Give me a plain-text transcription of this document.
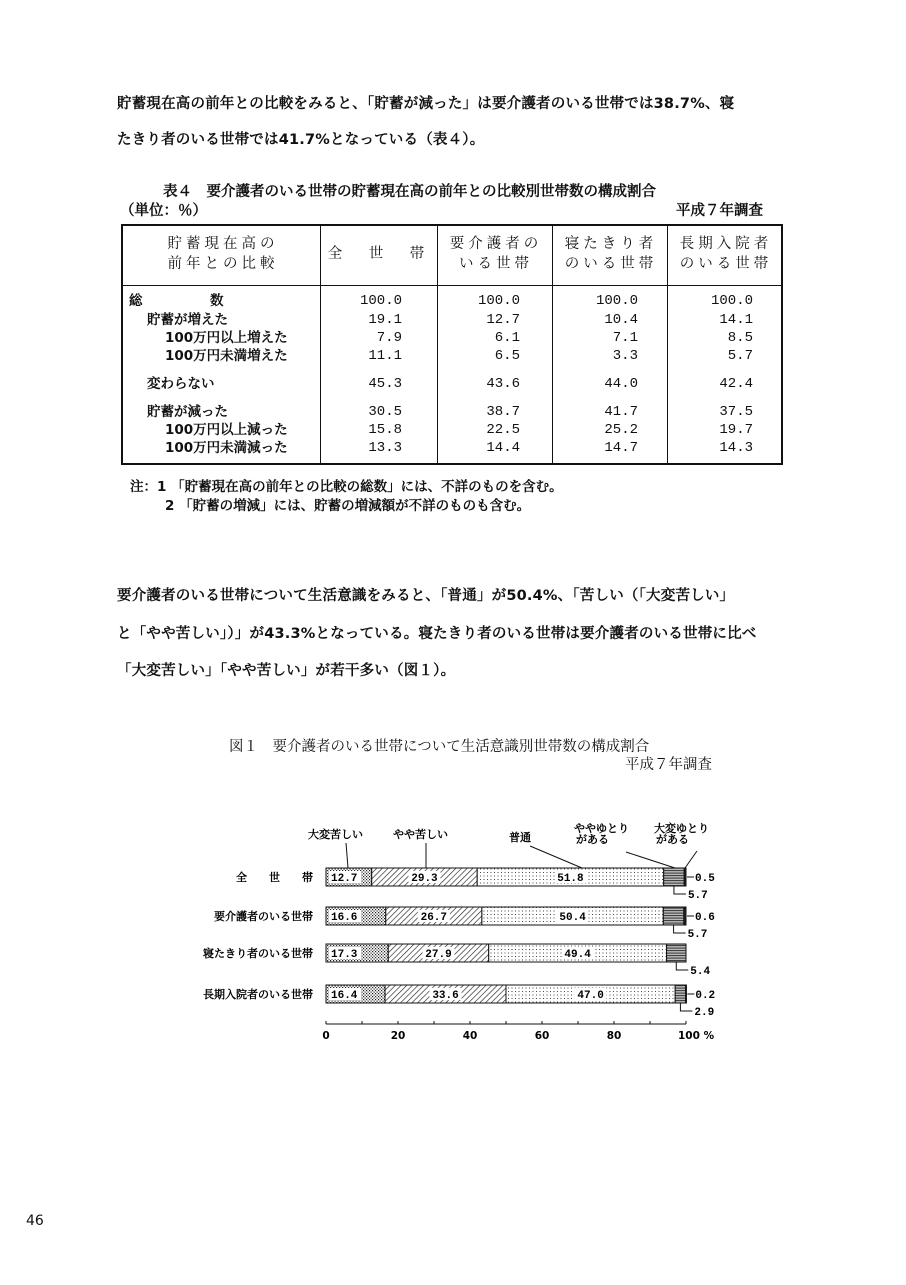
貯蓄現在高の前年との比較をみると、「貯蓄が減った」は要介護者のいる世帯では38.7%、寝
たきり者のいる世帯では41.7%となっている（表４）。
表４　要介護者のいる世帯の貯蓄現在高の前年との比較別世帯数の構成割合
（単位：％）	平成７年調査
貯蓄現在高の
前年との比較
全　世　帯
要介護者の
いる世帯
寝たきり者
のいる世帯
長期入院者
のいる世帯
総　　　　　数	100.0	100.0	100.0	100.0
貯蓄が増えた	19.1	12.7	10.4	14.1
100万円以上増えた	7.9	6.1	7.1	8.5
100万円未満増えた	11.1	6.5	3.3	5.7
変わらない	45.3	43.6	44.0	42.4
貯蓄が減った	30.5	38.7	41.7	37.5
100万円以上減った	15.8	22.5	25.2	19.7
100万円未満減った	13.3	14.4	14.7	14.3
注：1 「貯蓄現在高の前年との比較の総数」には、不詳のものを含む。
2 「貯蓄の増減」には、貯蓄の増減額が不詳のものも含む。
要介護者のいる世帯について生活意識をみると、「普通」が50.4%、「苦しい（「大変苦しい」
と「やや苦しい」）」が43.3%となっている。寝たきり者のいる世帯は要介護者のいる世帯に比べ
「大変苦しい」「やや苦しい」が若干多い（図１）。
図１　要介護者のいる世帯について生活意識別世帯数の構成割合
平成７年調査
全　　世　　帯 12.7	29.3	51.8	0.5
5.7
要介護者のいる世帯 16.6	26.7	50.4	0.6
5.7
寝たきり者のいる世帯 17.3	27.9	49.4
5.4
長期入院者のいる世帯 16.4	33.6	47.0	0.2
2.9
大変苦しい	やや苦しい	普通
ややゆとり
がある
大変ゆとり
がある
0	20	40	60	80	100 %
46
